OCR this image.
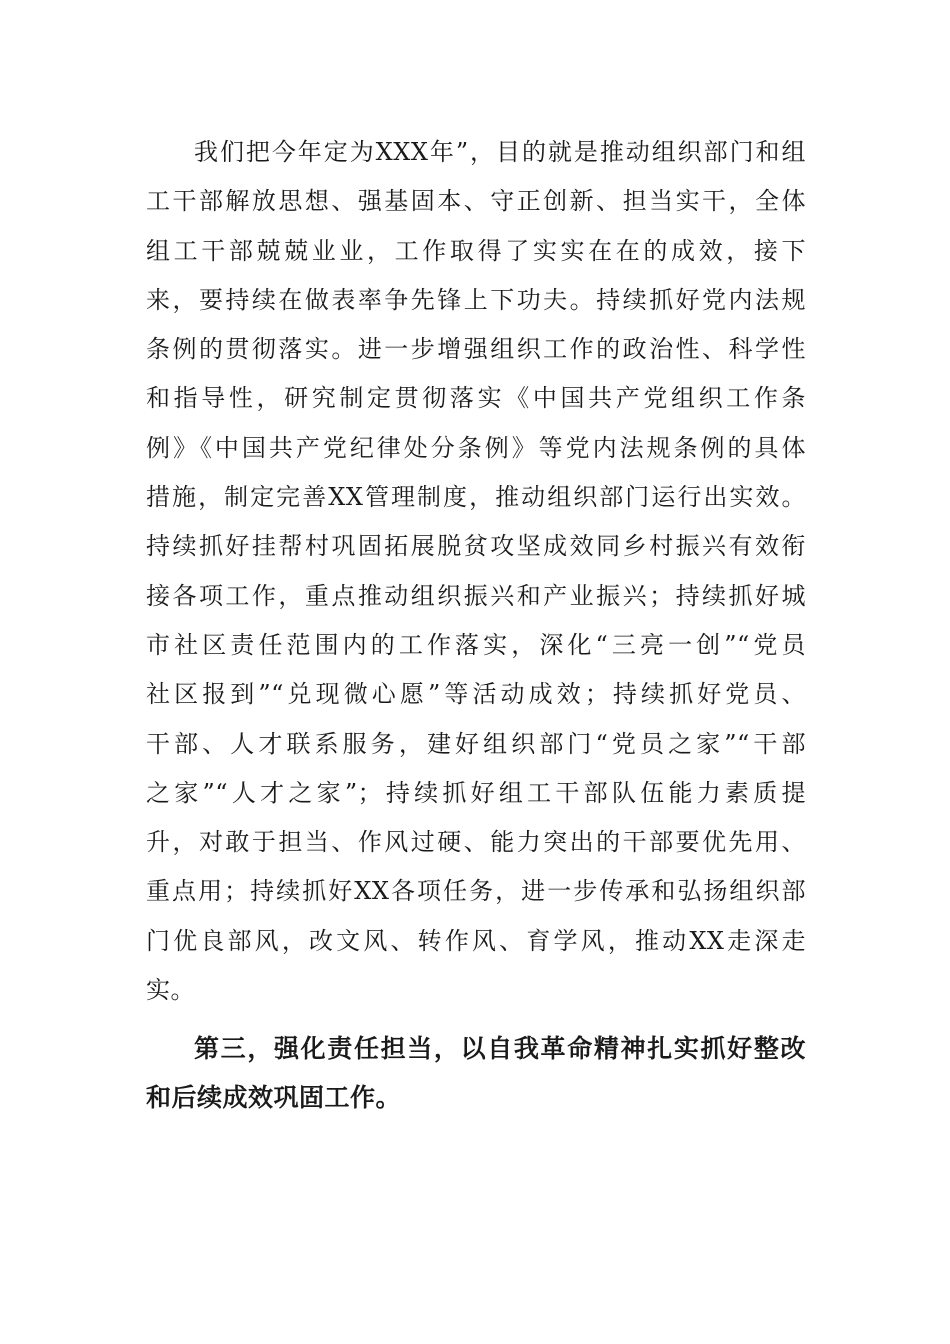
我们把今年定为XXX年”，目的就是推动组织部门和组
工干部解放思想、强基固本、守正创新、担当实干，全体
组工干部兢兢业业，工作取得了实实在在的成效，接下
来，要持续在做表率争先锋上下功夫。持续抓好党内法规
条例的贯彻落实。进一步增强组织工作的政治性、科学性
和指导性，研究制定贯彻落实《中国共产党组织工作条
例》《中国共产党纪律处分条例》等党内法规条例的具体
措施，制定完善XX管理制度，推动组织部门运行出实效。
持续抓好挂帮村巩固拓展脱贫攻坚成效同乡村振兴有效衔
接各项工作，重点推动组织振兴和产业振兴；持续抓好城
市社区责任范围内的工作落实，深化“三亮一创”“党员
社区报到”“兑现微心愿”等活动成效；持续抓好党员、
干部、人才联系服务，建好组织部门“党员之家”“干部
之家”“人才之家”；持续抓好组工干部队伍能力素质提
升，对敢于担当、作风过硬、能力突出的干部要优先用、
重点用；持续抓好XX各项任务，进一步传承和弘扬组织部
门优良部风，改文风、转作风、育学风，推动XX走深走
实。
第三，强化责任担当，以自我革命精神扎实抓好整改
和后续成效巩固工作。
